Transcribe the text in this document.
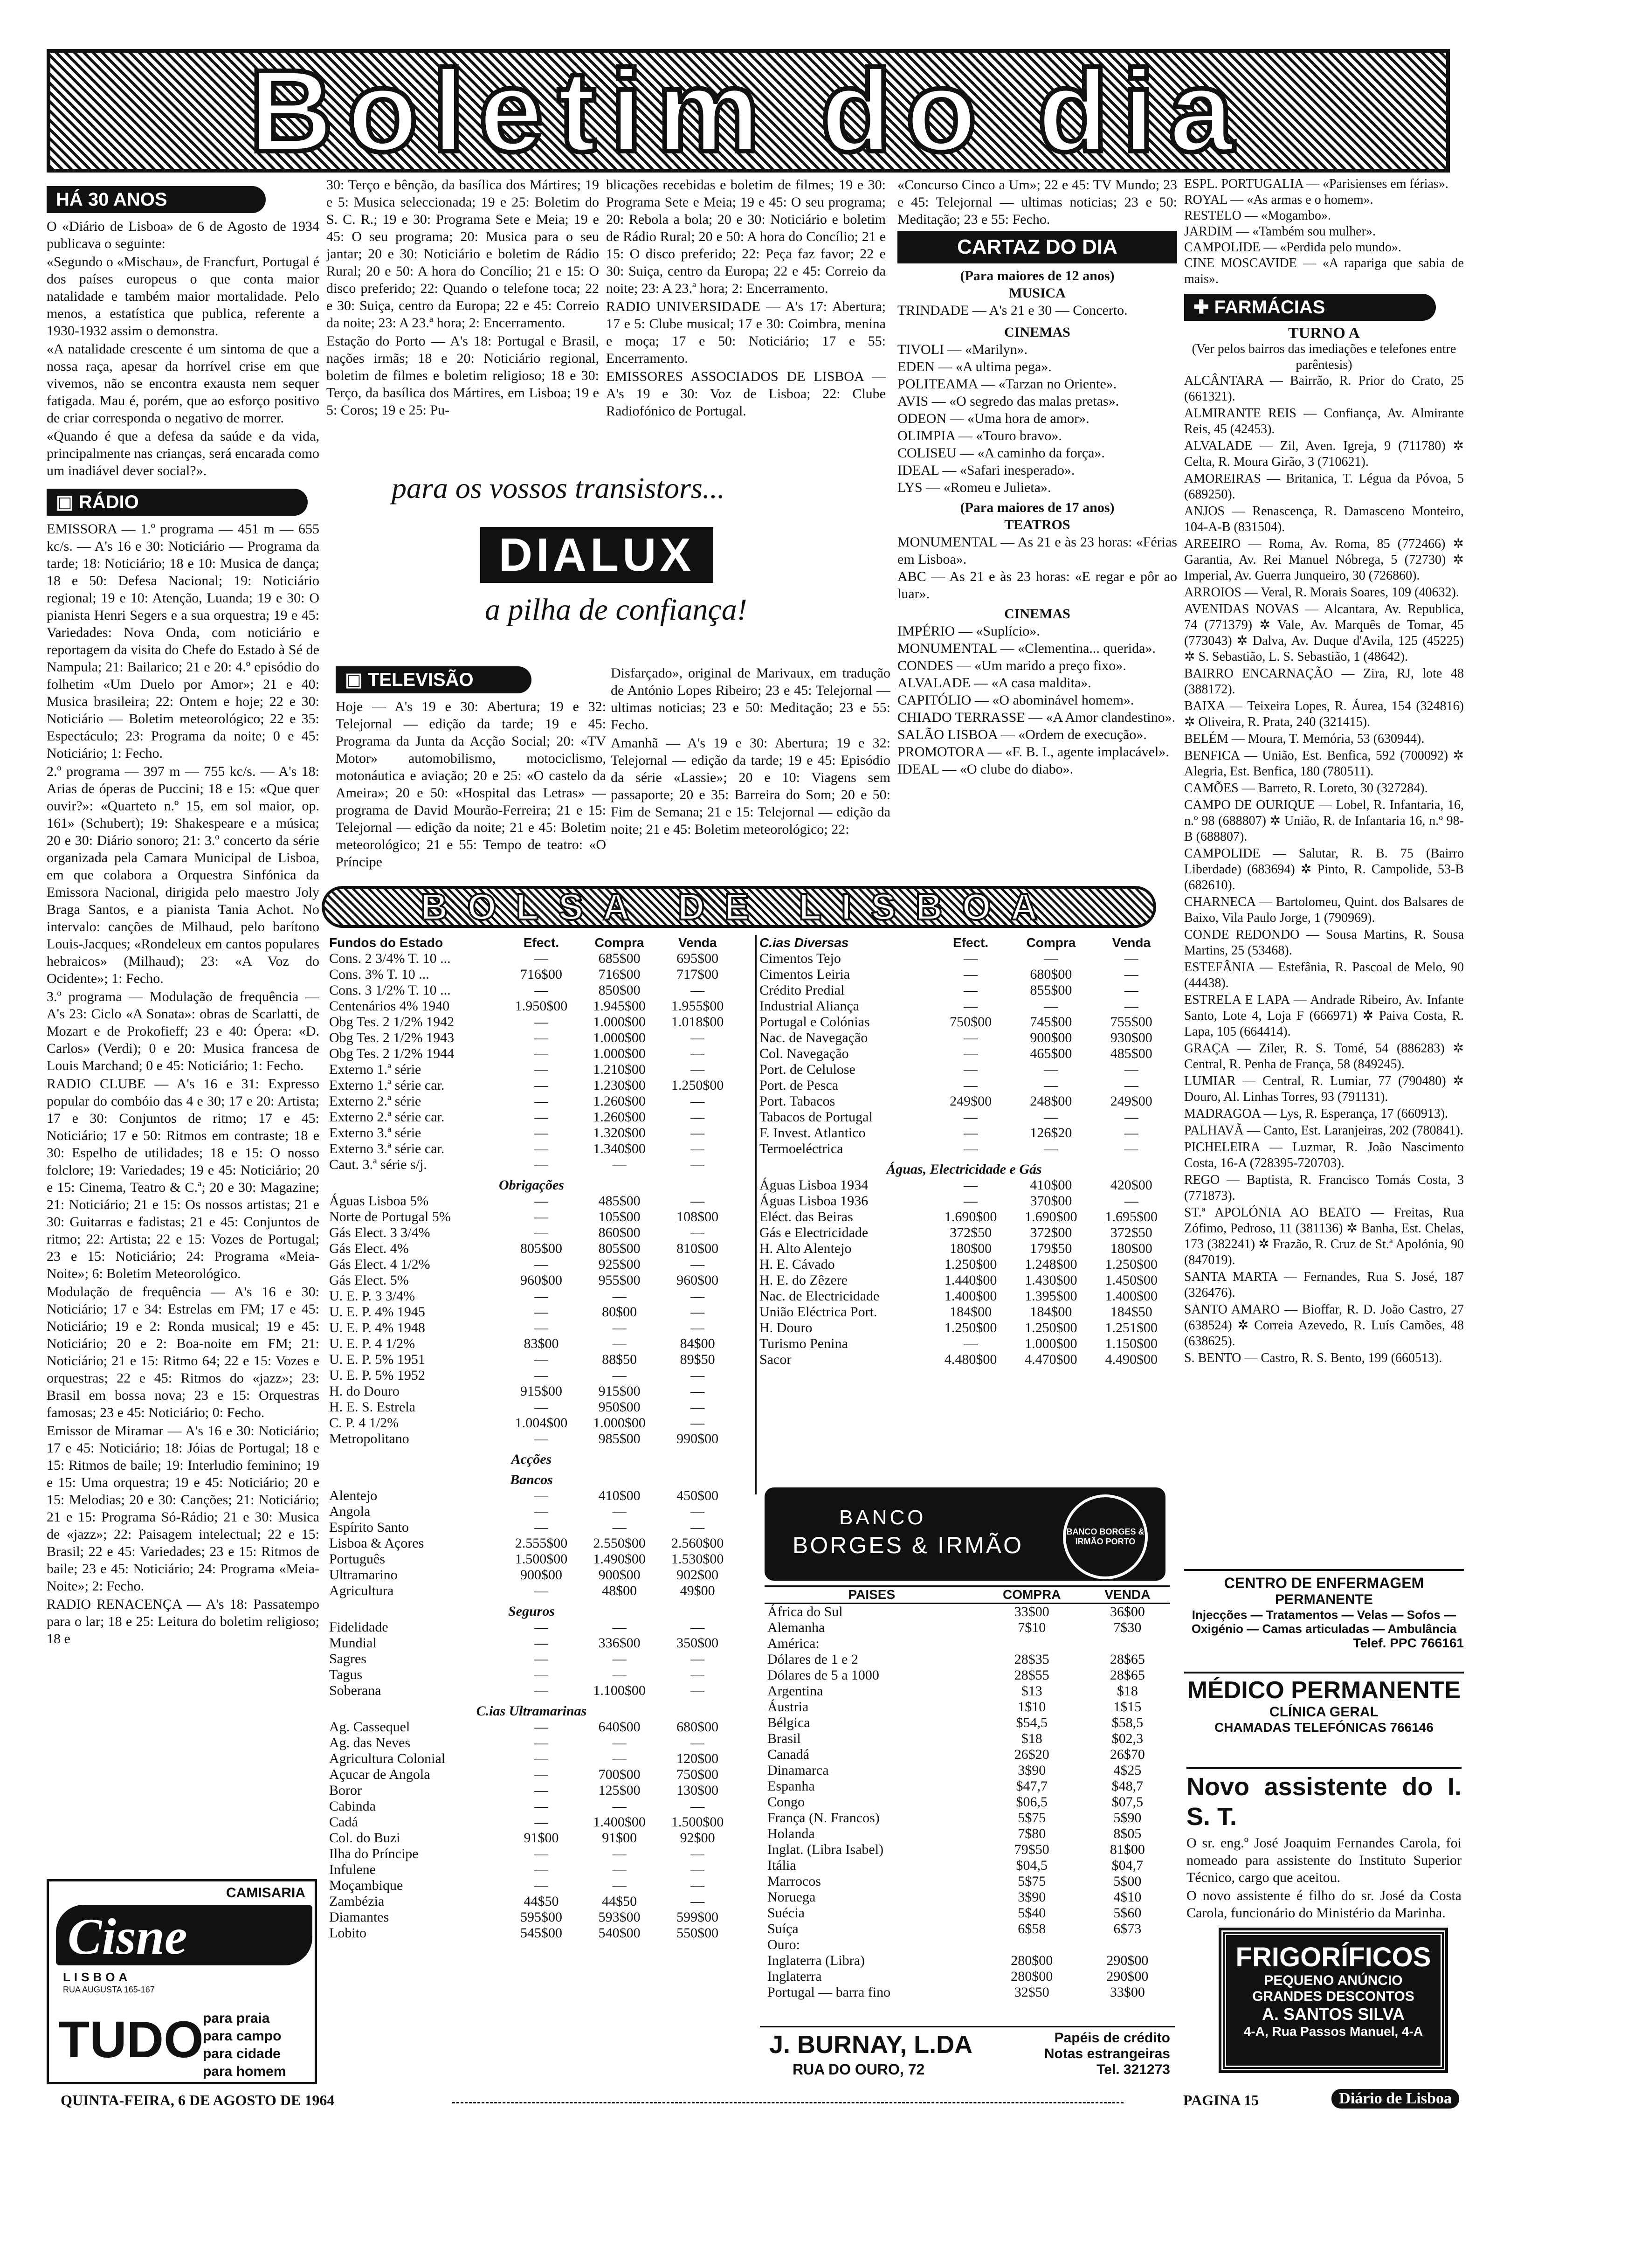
Boletim do dia
HÁ 30 ANOS

O «Diário de Lisboa» de 6 de Agosto de 1934 publicava o seguinte:

«Segundo o «Mischau», de Francfurt, Portugal é dos países europeus o que conta maior natalidade e também maior mortalidade. Pelo menos, a estatística que publica, referente a 1930-1932 assim o demonstra.

«A natalidade crescente é um sintoma de que a nossa raça, apesar da horrível crise em que vivemos, não se encontra exausta nem sequer fatigada. Mau é, porém, que ao esforço positivo de criar corresponda o negativo de morrer.

«Quando é que a defesa da saúde e da vida, principalmente nas crianças, será encarada como um inadiável dever social?».

▣ RÁDIO

EMISSORA — 1.º programa — 451 m — 655 kc/s. — A's 16 e 30: Noticiário — Programa da tarde; 18: Noticiário; 18 e 10: Musica de dança; 18 e 50: Defesa Nacional; 19: Noticiário regional; 19 e 10: Atenção, Luanda; 19 e 30: O pianista Henri Segers e a sua orquestra; 19 e 45: Variedades: Nova Onda, com noticiário e reportagem da visita do Chefe do Estado à Sé de Nampula; 21: Bailarico; 21 e 20: 4.º episódio do folhetim «Um Duelo por Amor»; 21 e 40: Musica brasileira; 22: Ontem e hoje; 22 e 30: Noticiário — Boletim meteorológico; 22 e 35: Espectáculo; 23: Programa da noite; 0 e 45: Noticiário; 1: Fecho.

2.º programa — 397 m — 755 kc/s. — A's 18: Arias de óperas de Puccini; 18 e 15: «Que quer ouvir?»: «Quarteto n.º 15, em sol maior, op. 161» (Schubert); 19: Shakespeare e a música; 20 e 30: Diário sonoro; 21: 3.º concerto da série organizada pela Camara Municipal de Lisboa, em que colabora a Orquestra Sinfónica da Emissora Nacional, dirigida pelo maestro Joly Braga Santos, e a pianista Tania Achot. No intervalo: canções de Milhaud, pelo barítono Louis-Jacques; «Rondeleux em cantos populares hebraicos» (Milhaud); 23: «A Voz do Ocidente»; 1: Fecho.

3.º programa — Modulação de frequência — A's 23: Ciclo «A Sonata»: obras de Scarlatti, de Mozart e de Prokofieff; 23 e 40: Ópera: «D. Carlos» (Verdi); 0 e 20: Musica francesa de Louis Marchand; 0 e 45: Noticiário; 1: Fecho.

RADIO CLUBE — A's 16 e 31: Expresso popular do combóio das 4 e 30; 17 e 20: Artista; 17 e 30: Conjuntos de ritmo; 17 e 45: Noticiário; 17 e 50: Ritmos em contraste; 18 e 30: Espelho de utilidades; 18 e 15: O nosso folclore; 19: Variedades; 19 e 45: Noticiário; 20 e 15: Cinema, Teatro & C.ª; 20 e 30: Magazine; 21: Noticiário; 21 e 15: Os nossos artistas; 21 e 30: Guitarras e fadistas; 21 e 45: Conjuntos de ritmo; 22: Artista; 22 e 15: Vozes de Portugal; 23 e 15: Noticiário; 24: Programa «Meia-Noite»; 6: Boletim Meteorológico.

Modulação de frequência — A's 16 e 30: Noticiário; 17 e 34: Estrelas em FM; 17 e 45: Noticiário; 19 e 2: Ronda musical; 19 e 45: Noticiário; 20 e 2: Boa-noite em FM; 21: Noticiário; 21 e 15: Ritmo 64; 22 e 15: Vozes e orquestras; 22 e 45: Ritmos do «jazz»; 23: Brasil em bossa nova; 23 e 15: Orquestras famosas; 23 e 45: Noticiário; 0: Fecho.

Emissor de Miramar — A's 16 e 30: Noticiário; 17 e 45: Noticiário; 18: Jóias de Portugal; 18 e 15: Ritmos de baile; 19: Interludio feminino; 19 e 15: Uma orquestra; 19 e 45: Noticiário; 20 e 15: Melodias; 20 e 30: Canções; 21: Noticiário; 21 e 15: Programa Só-Rádio; 21 e 30: Musica de «jazz»; 22: Paisagem intelectual; 22 e 15: Brasil; 22 e 45: Variedades; 23 e 15: Ritmos de baile; 23 e 45: Noticiário; 24: Programa «Meia-Noite»; 2: Fecho.

RADIO RENACENÇA — A's 18: Passatempo para o lar; 18 e 25: Leitura do boletim religioso; 18 e

CAMISARIA
Cisne
LISBOA
RUA AUGUSTA 165-167
TUDO
para praia
para campo
para cidade
para homem

30: Terço e bênção, da basílica dos Mártires; 19 e 5: Musica seleccionada; 19 e 25: Boletim do S. C. R.; 19 e 30: Programa Sete e Meia; 19 e 45: O seu programa; 20: Musica para o seu jantar; 20 e 30: Noticiário e boletim de Rádio Rural; 20 e 50: A hora do Concílio; 21 e 15: O disco preferido; 22: Quando o telefone toca; 22 e 30: Suiça, centro da Europa; 22 e 45: Correio da noite; 23: A 23.ª hora; 2: Encerramento.

Estação do Porto — A's 18: Portugal e Brasil, nações irmãs; 18 e 20: Noticiário regional, boletim de filmes e boletim religioso; 18 e 30: Terço, da basílica dos Mártires, em Lisboa; 19 e 5: Coros; 19 e 25: Pu-

blicações recebidas e boletim de filmes; 19 e 30: Programa Sete e Meia; 19 e 45: O seu programa; 20: Rebola a bola; 20 e 30: Noticiário e boletim de Rádio Rural; 20 e 50: A hora do Concílio; 21 e 15: O disco preferido; 22: Peça faz favor; 22 e 30: Suiça, centro da Europa; 22 e 45: Correio da noite; 23: A 23.ª hora; 2: Encerramento.

RADIO UNIVERSIDADE — A's 17: Abertura; 17 e 5: Clube musical; 17 e 30: Coimbra, menina e moça; 17 e 50: Noticiário; 17 e 55: Encerramento.

EMISSORES ASSOCIADOS DE LISBOA — A's 19 e 30: Voz de Lisboa; 22: Clube Radiofónico de Portugal.

para os vossos transistors...
DIALUX
a pilha de confiança!
▣ TELEVISÃO

Hoje — A's 19 e 30: Abertura; 19 e 32: Telejornal — edição da tarde; 19 e 45: Programa da Junta da Acção Social; 20: «TV Motor» automobilismo, motociclismo, motonáutica e aviação; 20 e 25: «O castelo da Ameira»; 20 e 50: «Hospital das Letras» — programa de David Mourão-Ferreira; 21 e 15: Telejornal — edição da noite; 21 e 45: Boletim meteorológico; 21 e 55: Tempo de teatro: «O Príncipe

Disfarçado», original de Marivaux, em tradução de António Lopes Ribeiro; 23 e 45: Telejornal — ultimas noticias; 23 e 50: Meditação; 23 e 55: Fecho.

Amanhã — A's 19 e 30: Abertura; 19 e 32: Telejornal — edição da tarde; 19 e 45: Episódio da série «Lassie»; 20 e 10: Viagens sem passaporte; 20 e 35: Barreira do Som; 20 e 50: Fim de Semana; 21 e 15: Telejornal — edição da noite; 21 e 45: Boletim meteorológico; 22:

«Concurso Cinco a Um»; 22 e 45: TV Mundo; 23 e 45: Telejornal — ultimas noticias; 23 e 50: Meditação; 23 e 55: Fecho.

CARTAZ DO DIA
(Para maiores de 12 anos)
MUSICA
TRINDADE — A's 21 e 30 — Concerto.
CINEMAS
TIVOLI — «Marilyn».
EDEN — «A ultima pega».
POLITEAMA — «Tarzan no Oriente».
AVIS — «O segredo das malas pretas».
ODEON — «Uma hora de amor».
OLIMPIA — «Touro bravo».
COLISEU — «A caminho da força».
IDEAL — «Safari inesperado».
LYS — «Romeu e Julieta».
(Para maiores de 17 anos)
TEATROS
MONUMENTAL — As 21 e às 23 horas: «Férias em Lisboa».
ABC — As 21 e às 23 horas: «E regar e pôr ao luar».
CINEMAS
IMPÉRIO — «Suplício».
MONUMENTAL — «Clementina... querida».
CONDES — «Um marido a preço fixo».
ALVALADE — «A casa maldita».
CAPITÓLIO — «O abominável homem».
CHIADO TERRASSE — «A Amor clandestino».
SALÃO LISBOA — «Ordem de execução».
PROMOTORA — «F. B. I., agente implacável».
IDEAL — «O clube do diabo».
ESPL. PORTUGALIA — «Parisienses em férias».
ROYAL — «As armas e o homem».
RESTELO — «Mogambo».
JARDIM — «Também sou mulher».
CAMPOLIDE — «Perdida pelo mundo».
CINE MOSCAVIDE — «A rapariga que sabia de mais».
✚ FARMÁCIAS
TURNO A
(Ver pelos bairros das imediações e telefones entre parêntesis)
ALCÂNTARA — Bairrão, R. Prior do Crato, 25 (661321).
ALMIRANTE REIS — Confiança, Av. Almirante Reis, 45 (42453).
ALVALADE — Zil, Aven. Igreja, 9 (711780) ✲ Celta, R. Moura Girão, 3 (710621).
AMOREIRAS — Britanica, T. Légua da Póvoa, 5 (689250).
ANJOS — Renascença, R. Damasceno Monteiro, 104-A-B (831504).
AREEIRO — Roma, Av. Roma, 85 (772466) ✲ Garantia, Av. Rei Manuel Nóbrega, 5 (72730) ✲ Imperial, Av. Guerra Junqueiro, 30 (726860).
ARROIOS — Veral, R. Morais Soares, 109 (40632).
AVENIDAS NOVAS — Alcantara, Av. Republica, 74 (771379) ✲ Vale, Av. Marquês de Tomar, 45 (773043) ✲ Dalva, Av. Duque d'Avila, 125 (45225) ✲ S. Sebastião, L. S. Sebastião, 1 (48642).
BAIRRO ENCARNAÇÃO — Zira, RJ, lote 48 (388172).
BAIXA — Teixeira Lopes, R. Áurea, 154 (324816) ✲ Oliveira, R. Prata, 240 (321415).
BELÉM — Moura, T. Memória, 53 (630944).
BENFICA — União, Est. Benfica, 592 (700092) ✲ Alegria, Est. Benfica, 180 (780511).
CAMÕES — Barreto, R. Loreto, 30 (327284).
CAMPO DE OURIQUE — Lobel, R. Infantaria, 16, n.º 98 (688807) ✲ União, R. de Infantaria 16, n.º 98-B (688807).
CAMPOLIDE — Salutar, R. B. 75 (Bairro Liberdade) (683694) ✲ Pinto, R. Campolide, 53-B (682610).
CHARNECA — Bartolomeu, Quint. dos Balsares de Baixo, Vila Paulo Jorge, 1 (790969).
CONDE REDONDO — Sousa Martins, R. Sousa Martins, 25 (53468).
ESTEFÂNIA — Estefânia, R. Pascoal de Melo, 90 (44438).
ESTRELA E LAPA — Andrade Ribeiro, Av. Infante Santo, Lote 4, Loja F (666971) ✲ Paiva Costa, R. Lapa, 105 (664414).
GRAÇA — Ziler, R. S. Tomé, 54 (886283) ✲ Central, R. Penha de França, 58 (849245).
LUMIAR — Central, R. Lumiar, 77 (790480) ✲ Douro, Al. Linhas Torres, 93 (791131).
MADRAGOA — Lys, R. Esperança, 17 (660913).
PALHAVÃ — Canto, Est. Laranjeiras, 202 (780841).
PICHELEIRA — Luzmar, R. João Nascimento Costa, 16-A (728395-720703).
REGO — Baptista, R. Francisco Tomás Costa, 3 (771873).
ST.ª APOLÓNIA AO BEATO — Freitas, Rua Zófimo, Pedroso, 11 (381136) ✲ Banha, Est. Chelas, 173 (382241) ✲ Frazão, R. Cruz de St.ª Apolónia, 90 (847019).
SANTA MARTA — Fernandes, Rua S. José, 187 (326476).
SANTO AMARO — Bioffar, R. D. João Castro, 27 (638524) ✲ Correia Azevedo, R. Luís Camões, 48 (638625).
S. BENTO — Castro, R. S. Bento, 199 (660513).
CENTRO DE ENFERMAGEM
PERMANENTE
Injecções — Tratamentos — Velas — Sofos — Oxigénio — Camas articuladas — Ambulância
Telef. PPC 766161
MÉDICO PERMANENTE
CLÍNICA GERAL
CHAMADAS TELEFÓNICAS 766146
Novo assistente do I. S. T.

O sr. eng.º José Joaquim Fernandes Carola, foi nomeado para assistente do Instituto Superior Técnico, cargo que aceitou.

O novo assistente é filho do sr. José da Costa Carola, funcionário do Ministério da Marinha.

FRIGORÍFICOS
PEQUENO ANÚNCIO
GRANDES DESCONTOS
A. SANTOS SILVA
4-A, Rua Passos Manuel, 4-A
BOLSA DE LISBOA
Fundos do Estado	Efect.	Compra	Venda
Cons. 2 3/4% T. 10 ...	—	685$00	695$00
Cons. 3% T. 10 ...	716$00	716$00	717$00
Cons. 3 1/2% T. 10 ...	—	850$00	—
Centenários 4% 1940	1.950$00	1.945$00	1.955$00
Obg Tes. 2 1/2% 1942	—	1.000$00	1.018$00
Obg Tes. 2 1/2% 1943	—	1.000$00	—
Obg Tes. 2 1/2% 1944	—	1.000$00	—
Externo 1.ª série	—	1.210$00	—
Externo 1.ª série car.	—	1.230$00	1.250$00
Externo 2.ª série	—	1.260$00	—
Externo 2.ª série car.	—	1.260$00	—
Externo 3.ª série	—	1.320$00	—
Externo 3.ª série car.	—	1.340$00	—
Caut. 3.ª série s/j.	—	—	—
Obrigações			
Águas Lisboa 5%	—	485$00	—
Norte de Portugal 5%	—	105$00	108$00
Gás Elect. 3 3/4%	—	860$00	—
Gás Elect. 4%	805$00	805$00	810$00
Gás Elect. 4 1/2%	—	925$00	—
Gás Elect. 5%	960$00	955$00	960$00
U. E. P. 3 3/4%	—	—	—
U. E. P. 4% 1945	—	80$00	—
U. E. P. 4% 1948	—	—	—
U. E. P. 4 1/2%	83$00	—	84$00
U. E. P. 5% 1951	—	88$50	89$50
U. E. P. 5% 1952	—	—	—
H. do Douro	915$00	915$00	—
H. E. S. Estrela	—	950$00	—
C. P. 4 1/2%	1.004$00	1.000$00	—
Metropolitano	—	985$00	990$00
Acções			
Bancos			
Alentejo	—	410$00	450$00
Angola	—	—	—
Espírito Santo	—	—	—
Lisboa & Açores	2.555$00	2.550$00	2.560$00
Português	1.500$00	1.490$00	1.530$00
Ultramarino	900$00	900$00	902$00
Agricultura	—	48$00	49$00
Seguros			
Fidelidade	—	—	—
Mundial	—	336$00	350$00
Sagres	—	—	—
Tagus	—	—	—
Soberana	—	1.100$00	—
C.ias Ultramarinas			
Ag. Cassequel	—	640$00	680$00
Ag. das Neves	—	—	—
Agricultura Colonial	—	—	120$00
Açucar de Angola	—	700$00	750$00
Boror	—	125$00	130$00
Cabinda	—	—	—
Cadá	—	1.400$00	1.500$00
Col. do Buzi	91$00	91$00	92$00
Ilha do Príncipe	—	—	—
Infulene	—	—	—
Moçambique	—	—	—
Zambézia	44$50	44$50	—
Diamantes	595$00	593$00	599$00
Lobito	545$00	540$00	550$00
C.ias Diversas	Efect.	Compra	Venda
Cimentos Tejo	—	—	—
Cimentos Leiria	—	680$00	—
Crédito Predial	—	855$00	—
Industrial Aliança	—	—	—
Portugal e Colónias	750$00	745$00	755$00
Nac. de Navegação	—	900$00	930$00
Col. Navegação	—	465$00	485$00
Port. de Celulose	—	—	—
Port. de Pesca	—	—	—
Port. Tabacos	249$00	248$00	249$00
Tabacos de Portugal	—	—	—
F. Invest. Atlantico	—	126$20	—
Termoeléctrica	—	—	—
Águas, Electricidade e Gás			
Águas Lisboa 1934	—	410$00	420$00
Águas Lisboa 1936	—	370$00	—
Eléct. das Beiras	1.690$00	1.690$00	1.695$00
Gás e Electricidade	372$50	372$00	372$50
H. Alto Alentejo	180$00	179$50	180$00
H. E. Cávado	1.250$00	1.248$00	1.250$00
H. E. do Zêzere	1.440$00	1.430$00	1.450$00
Nac. de Electricidade	1.400$00	1.395$00	1.400$00
União Eléctrica Port.	184$00	184$00	184$50
H. Douro	1.250$00	1.250$00	1.251$00
Turismo Penina	—	1.000$00	1.150$00
Sacor	4.480$00	4.470$00	4.490$00
BANCO
BORGES & IRMÃO
BANCO BORGES & IRMÃO PORTO
PAISES	COMPRA	VENDA
África do Sul	33$00	36$00
Alemanha	7$10	7$30
América:		
Dólares de 1 e 2	28$35	28$65
Dólares de 5 a 1000	28$55	28$65
Argentina	$13	$18
Áustria	1$10	1$15
Bélgica	$54,5	$58,5
Brasil	$18	$02,3
Canadá	26$20	26$70
Dinamarca	3$90	4$25
Espanha	$47,7	$48,7
Congo	$06,5	$07,5
França (N. Francos)	5$75	5$90
Holanda	7$80	8$05
Inglat. (Libra Isabel)	79$50	81$00
Itália	$04,5	$04,7
Marrocos	5$75	5$00
Noruega	3$90	4$10
Suécia	5$40	5$60
Suíça	6$58	6$73
Ouro:		
Inglaterra (Libra)	280$00	290$00
Inglaterra	280$00	290$00
Portugal — barra fino	32$50	33$00
J. BURNAY, L.DA
RUA DO OURO, 72
Papéis de crédito
Notas estrangeiras
Tel. 321273
QUINTA-FEIRA, 6 DE AGOSTO DE 1964	PAGINA 15	Diário de Lisboa
